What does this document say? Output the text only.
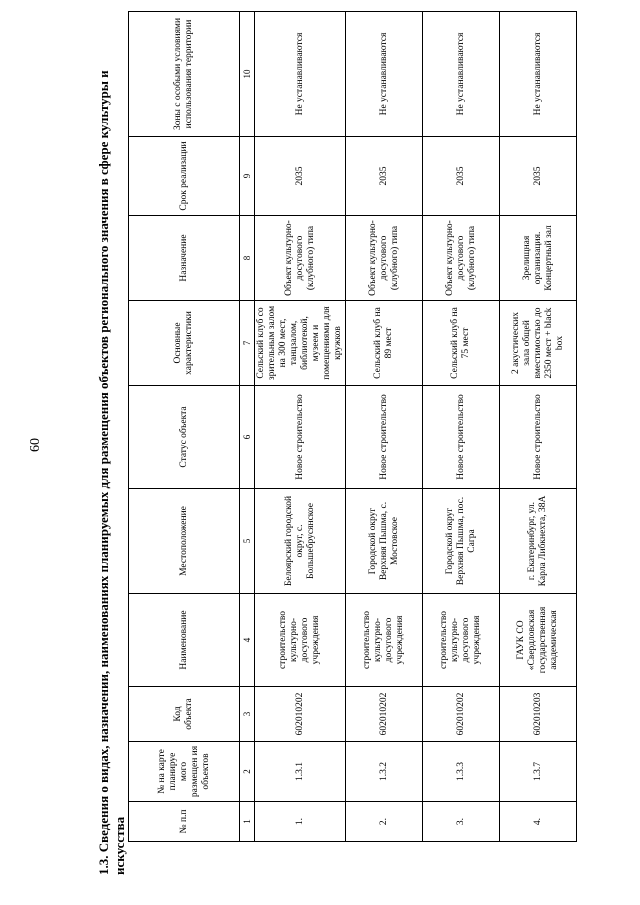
60	1.3. Сведения о видах, назначении, наименованиях планируемых для размещения объектов регионального значения в сфере культуры и искусства	№ п.п	№ на карте планируе мого размещен ия объектов	Код объекта	Наименование	Местоположение	Статус объекта	Основные характеристики	Назначение	Срок реализации	Зоны с особыми условиями использования территории
1	2	3	4	5	6	7	8	9	10
1.	1.3.1	602010202	строительство культурно-досугового учреждения	Белоярский городской округ, с. Большебрусянское	Новое строительство	Сельский клуб со зрительным залом на 300 мест, танцзалом, библиотекой, музеем и помещениями для кружков	Объект культурно-досугового (клубного) типа	2035	Не устанавливаются
2.	1.3.2	602010202	строительство культурно-досугового учреждения	Городской округ Верхняя Пышма, с. Мостовское	Новое строительство	Сельский клуб на 89 мест	Объект культурно-досугового (клубного) типа	2035	Не устанавливаются
3.	1.3.3	602010202	строительство культурно-досугового учреждения	Городской округ Верхняя Пышма, пос. Сагра	Новое строительство	Сельский клуб на 75 мест	Объект культурно-досугового (клубного) типа	2035	Не устанавливаются
4.	1.3.7	602010203	ГАУК СО «Свердловская государственная академическая	г. Екатеринбург, ул. Карла Либкнехта, 38А	Новое строительство	2 акустических зала общей вместимостью до 2350 мест + black box	Зрелищная организация. Концертный зал	2035	Не устанавливаются
